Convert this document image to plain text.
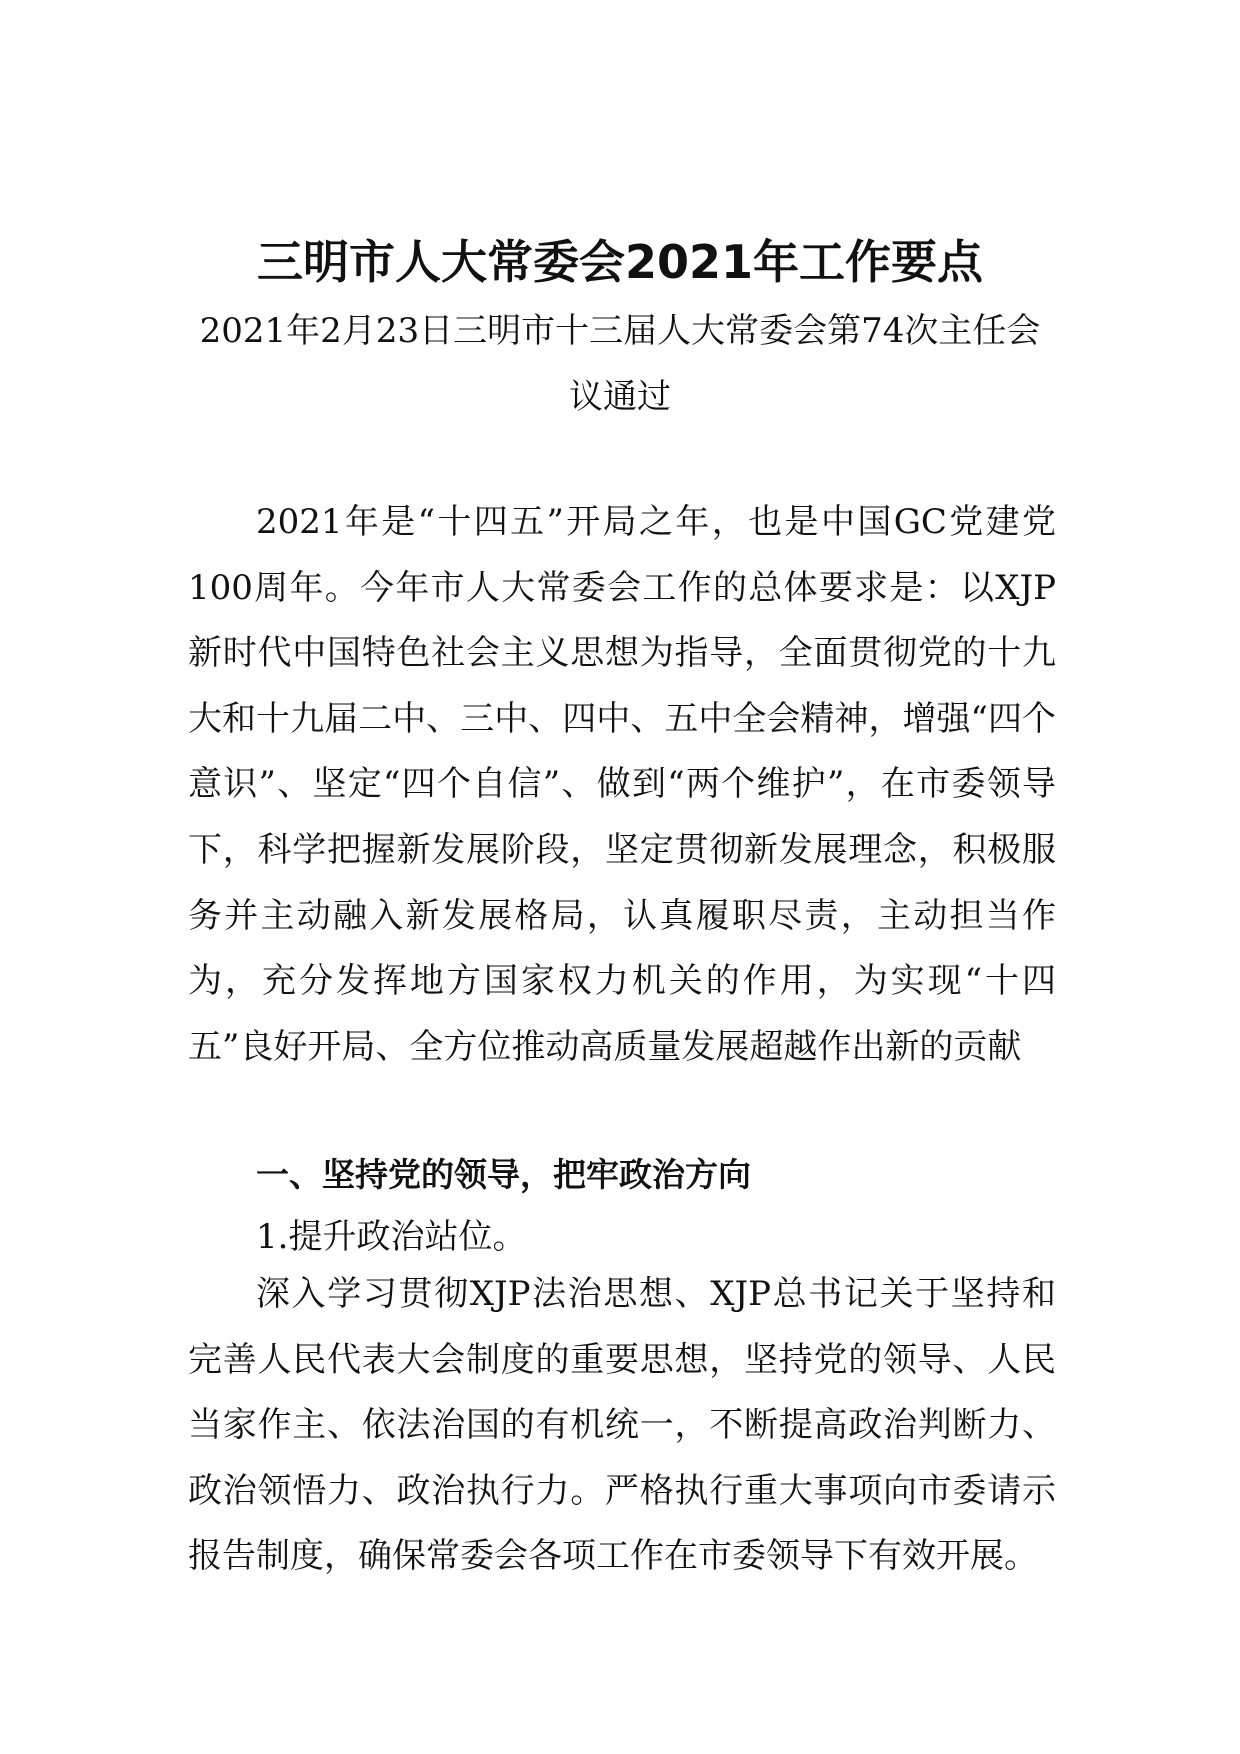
三明市人大常委会2021年工作要点
2021年2月23日三明市十三届人大常委会第74次主任会议通过

2021年是“十四五”开局之年，也是中国GC党建党100周年。今年市人大常委会工作的总体要求是：以XJP新时代中国特色社会主义思想为指导，全面贯彻党的十九大和十九届二中、三中、四中、五中全会精神，增强“四个意识”、坚定“四个自信”、做到“两个维护”，在市委领导下，科学把握新发展阶段，坚定贯彻新发展理念，积极服务并主动融入新发展格局，认真履职尽责，主动担当作为，充分发挥地方国家权力机关的作用，为实现“十四五”良好开局、全方位推动高质量发展超越作出新的贡献

一、坚持党的领导，把牢政治方向
1.提升政治站位。

深入学习贯彻XJP法治思想、XJP总书记关于坚持和完善人民代表大会制度的重要思想，坚持党的领导、人民当家作主、依法治国的有机统一，不断提高政治判断力、政治领悟力、政治执行力。严格执行重大事项向市委请示报告制度，确保常委会各项工作在市委领导下有效开展。
